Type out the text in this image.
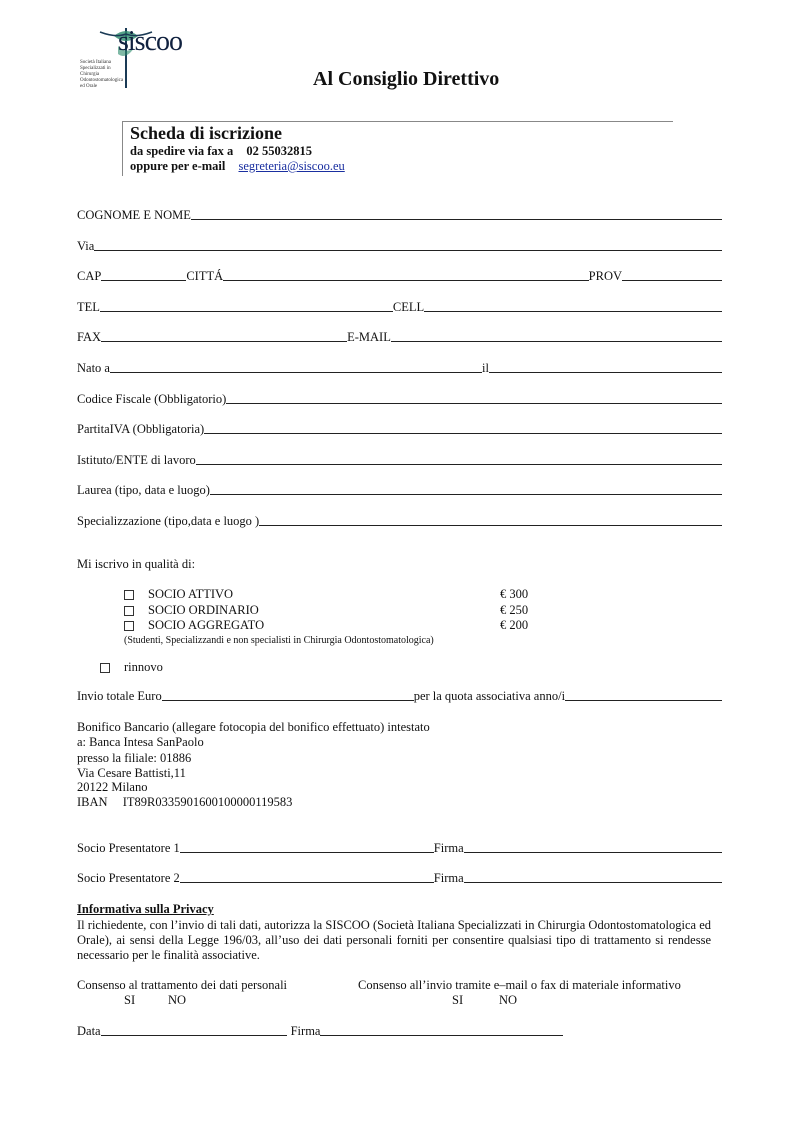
siscoo
Società Italiana Specializzati in Chirurgia Odontostomatologica ed Orale	Al Consiglio Direttivo
Scheda di iscrizione
da spedire via fax a 02 55032815
oppure per e-mail segreteria@siscoo.eu
COGNOME E NOME
Via
CAP	CITTÁ	PROV
TEL	CELL
FAX	E-MAIL
Nato a	il
Codice Fiscale (Obbligatorio)
PartitaIVA (Obbligatoria)
Istituto/ENTE di lavoro
Laurea (tipo, data e luogo)
Specializzazione (tipo,data e luogo )
Mi iscrivo in qualità di:
SOCIO ATTIVO	€ 300
SOCIO ORDINARIO	€ 250
SOCIO AGGREGATO	€ 200
(Studenti, Specializzandi e non specialisti in Chirurgia Odontostomatologica)
rinnovo
Invio totale Euro	per la quota associativa anno/i
Bonifico Bancario (allegare fotocopia del bonifico effettuato) intestato
a: Banca Intesa SanPaolo
presso la filiale: 01886
Via Cesare Battisti,11
20122 Milano
IBAN IT89R0335901600100000119583
Socio Presentatore 1	Firma
Socio Presentatore 2	Firma
Informativa sulla Privacy
Il richiedente, con l’invio di tali dati, autorizza la SISCOO (Società Italiana Specializzati in Chirurgia Odontostomatologica ed Orale), ai sensi della Legge 196/03, all’uso dei dati personali forniti per consentire qualsiasi tipo di trattamento si rendesse necessario per le finalità associative.
Consenso al trattamento dei dati personali	Consenso all’invio tramite e–mail o fax di materiale informativo
SI	NO	SI	NO
Data	Firma
